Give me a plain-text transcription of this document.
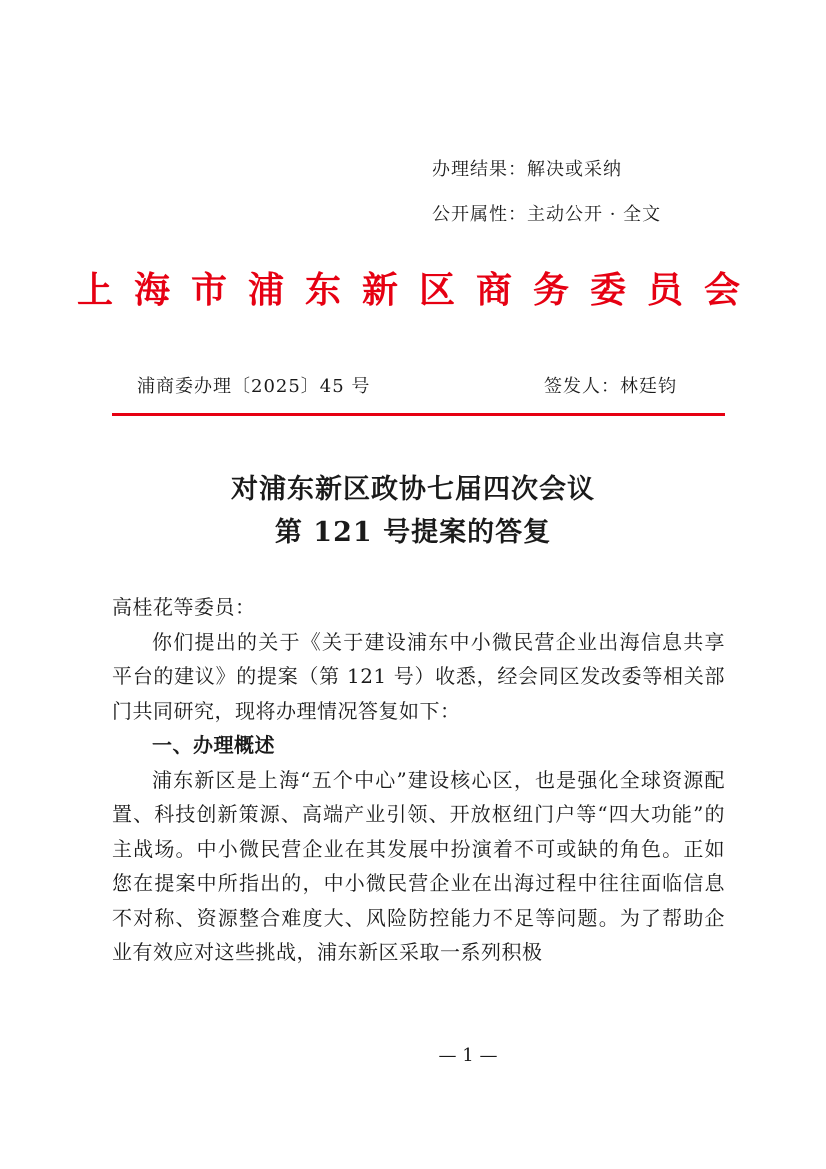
办理结果：解决或采纳
公开属性：主动公开 · 全文
上海市浦东新区商务委员会
浦商委办理〔2025〕45 号	签发人：林廷钧
对浦东新区政协七届四次会议
第 121 号提案的答复

高桂花等委员：

你们提出的关于《关于建设浦东中小微民营企业出海信息共享平台的建议》的提案（第 121 号）收悉，经会同区发改委等相关部门共同研究，现将办理情况答复如下：

一、办理概述

浦东新区是上海“五个中心”建设核心区，也是强化全球资源配置、科技创新策源、高端产业引领、开放枢纽门户等“四大功能”的主战场。中小微民营企业在其发展中扮演着不可或缺的角色。正如您在提案中所指出的，中小微民营企业在出海过程中往往面临信息不对称、资源整合难度大、风险防控能力不足等问题。为了帮助企业有效应对这些挑战，浦东新区采取一系列积极

— 1 —
